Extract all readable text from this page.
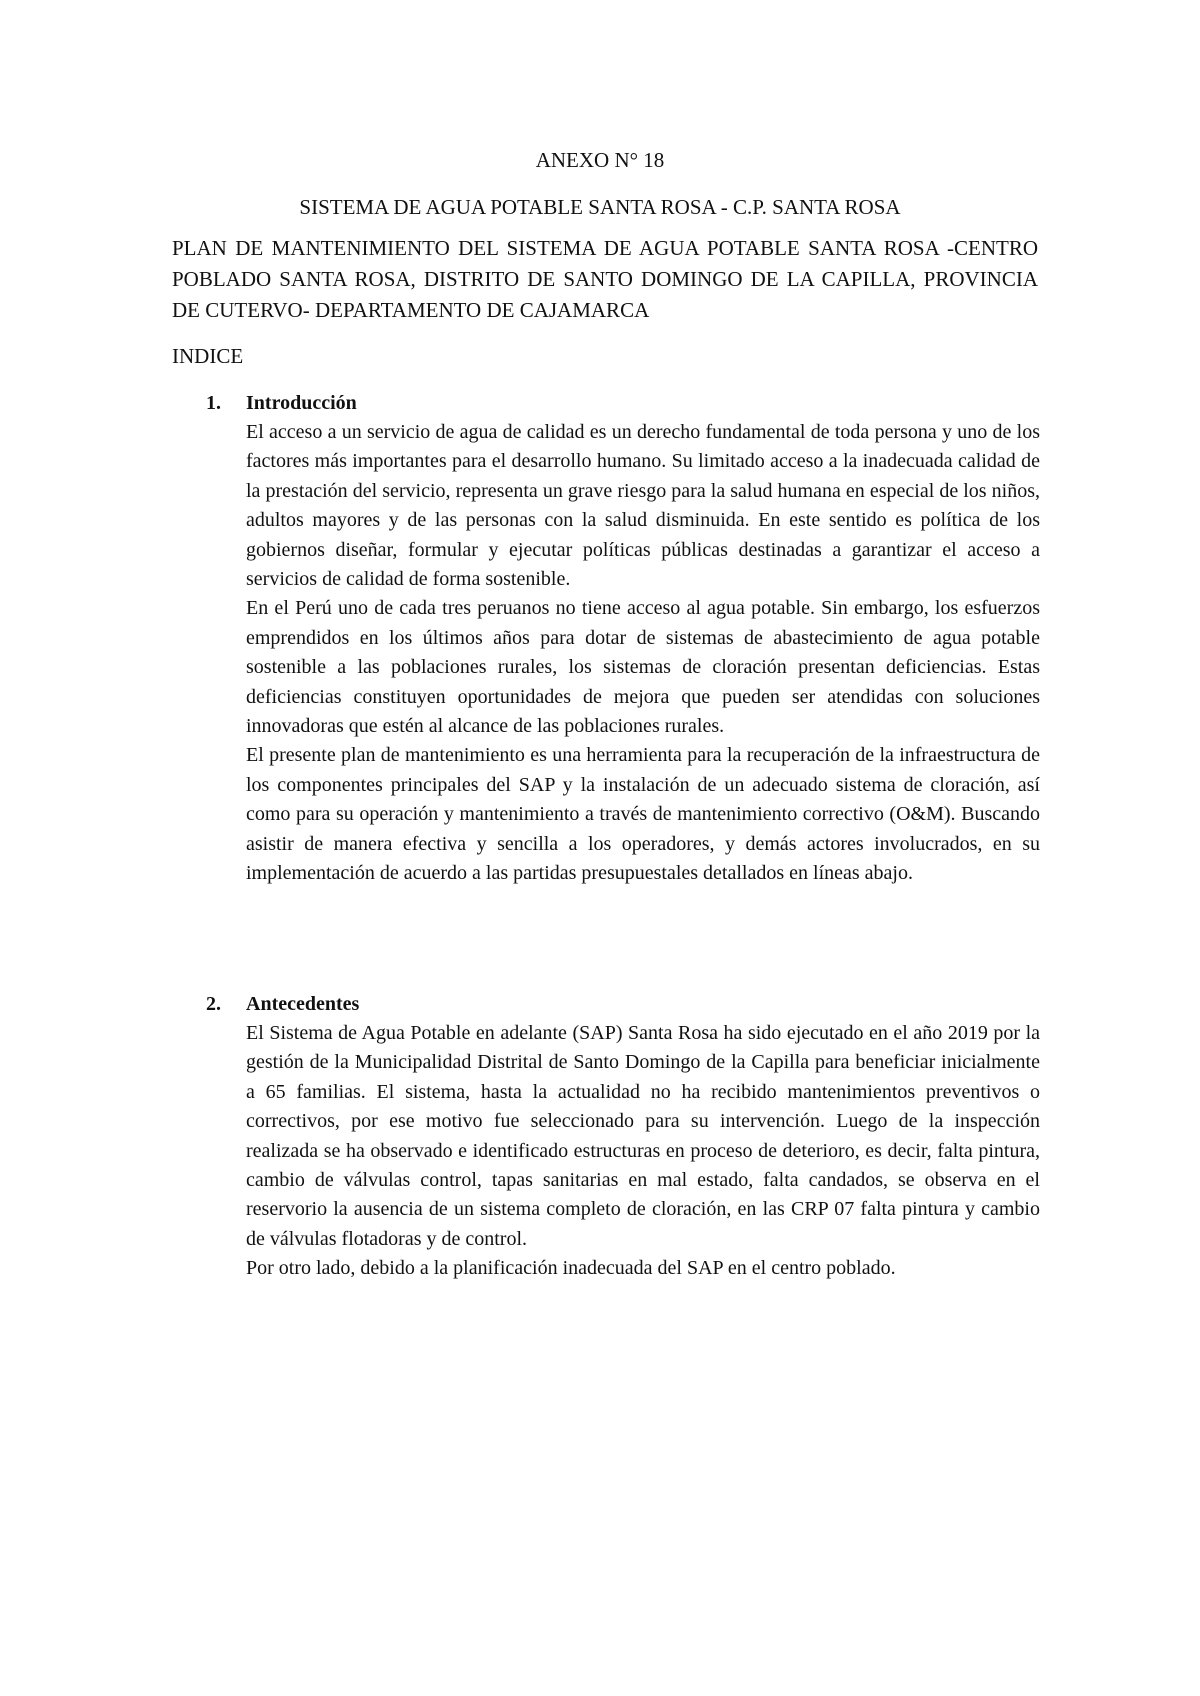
ANEXO N° 18
SISTEMA DE AGUA POTABLE SANTA ROSA - C.P. SANTA ROSA
PLAN DE MANTENIMIENTO DEL SISTEMA DE AGUA POTABLE SANTA ROSA -CENTRO POBLADO SANTA ROSA, DISTRITO DE SANTO DOMINGO DE LA CAPILLA, PROVINCIA DE CUTERVO- DEPARTAMENTO DE CAJAMARCA
INDICE
1. Introducción

El acceso a un servicio de agua de calidad es un derecho fundamental de toda persona y uno de los factores más importantes para el desarrollo humano. Su limitado acceso a la inadecuada calidad de la prestación del servicio, representa un grave riesgo para la salud humana en especial de los niños, adultos mayores y de las personas con la salud disminuida. En este sentido es política de los gobiernos diseñar, formular y ejecutar políticas públicas destinadas a garantizar el acceso a servicios de calidad de forma sostenible.

En el Perú uno de cada tres peruanos no tiene acceso al agua potable. Sin embargo, los esfuerzos emprendidos en los últimos años para dotar de sistemas de abastecimiento de agua potable sostenible a las poblaciones rurales, los sistemas de cloración presentan deficiencias. Estas deficiencias constituyen oportunidades de mejora que pueden ser atendidas con soluciones innovadoras que estén al alcance de las poblaciones rurales.

El presente plan de mantenimiento es una herramienta para la recuperación de la infraestructura de los componentes principales del SAP y la instalación de un adecuado sistema de cloración, así como para su operación y mantenimiento a través de mantenimiento correctivo (O&M). Buscando asistir de manera efectiva y sencilla a los operadores, y demás actores involucrados, en su implementación de acuerdo a las partidas presupuestales detallados en líneas abajo.

2. Antecedentes

El Sistema de Agua Potable en adelante (SAP) Santa Rosa ha sido ejecutado en el año 2019 por la gestión de la Municipalidad Distrital de Santo Domingo de la Capilla para beneficiar inicialmente a 65 familias. El sistema, hasta la actualidad no ha recibido mantenimientos preventivos o correctivos, por ese motivo fue seleccionado para su intervención. Luego de la inspección realizada se ha observado e identificado estructuras en proceso de deterioro, es decir, falta pintura, cambio de válvulas control, tapas sanitarias en mal estado, falta candados, se observa en el reservorio la ausencia de un sistema completo de cloración, en las CRP 07 falta pintura y cambio de válvulas flotadoras y de control.

Por otro lado, debido a la planificación inadecuada del SAP en el centro poblado.
